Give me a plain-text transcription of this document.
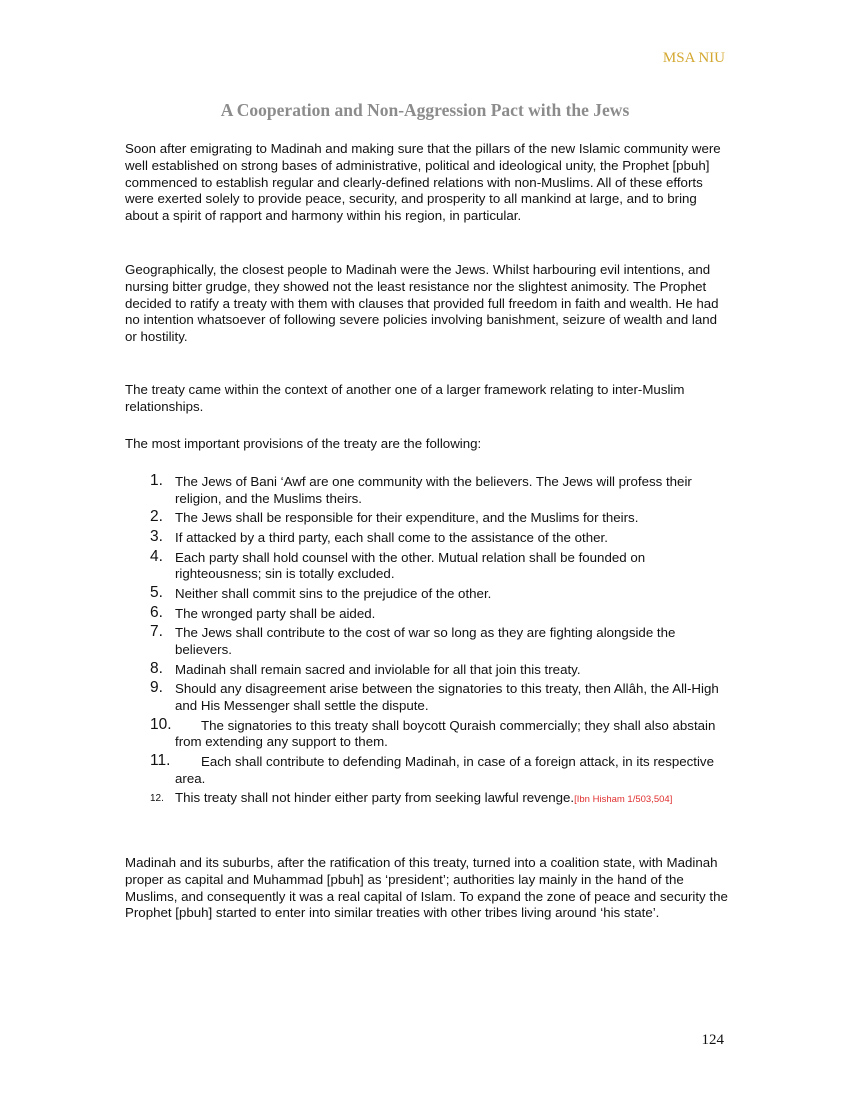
MSA NIU
A Cooperation and Non-Aggression Pact with the Jews

Soon after emigrating to Madinah and making sure that the pillars of the new Islamic community were well established on strong bases of administrative, political and ideological unity, the Prophet [pbuh] commenced to establish regular and clearly-defined relations with non-Muslims. All of these efforts were exerted solely to provide peace, security, and prosperity to all mankind at large, and to bring about a spirit of rapport and harmony within his region, in particular.

Geographically, the closest people to Madinah were the Jews. Whilst harbouring evil intentions, and nursing bitter grudge, they showed not the least resistance nor the slightest animosity. The Prophet decided to ratify a treaty with them with clauses that provided full freedom in faith and wealth. He had no intention whatsoever of following severe policies involving banishment, seizure of wealth and land or hostility.

The treaty came within the context of another one of a larger framework relating to inter-Muslim relationships.

The most important provisions of the treaty are the following:

1. The Jews of Bani ‘Awf are one community with the believers. The Jews will profess their religion, and the Muslims theirs.
2. The Jews shall be responsible for their expenditure, and the Muslims for theirs.
3. If attacked by a third party, each shall come to the assistance of the other.
4. Each party shall hold counsel with the other. Mutual relation shall be founded on righteousness; sin is totally excluded.
5. Neither shall commit sins to the prejudice of the other.
6. The wronged party shall be aided.
7. The Jews shall contribute to the cost of war so long as they are fighting alongside the believers.
8. Madinah shall remain sacred and inviolable for all that join this treaty.
9. Should any disagreement arise between the signatories to this treaty, then Allâh, the All-High and His Messenger shall settle the dispute.
10. The signatories to this treaty shall boycott Quraish commercially; they shall also abstain from extending any support to them.
11. Each shall contribute to defending Madinah, in case of a foreign attack, in its respective area.
12. This treaty shall not hinder either party from seeking lawful revenge.[Ibn Hisham 1/503,504]

Madinah and its suburbs, after the ratification of this treaty, turned into a coalition state, with Madinah proper as capital and Muhammad [pbuh] as ‘president’; authorities lay mainly in the hand of the Muslims, and consequently it was a real capital of Islam. To expand the zone of peace and security the Prophet [pbuh] started to enter into similar treaties with other tribes living around ‘his state’.

124
